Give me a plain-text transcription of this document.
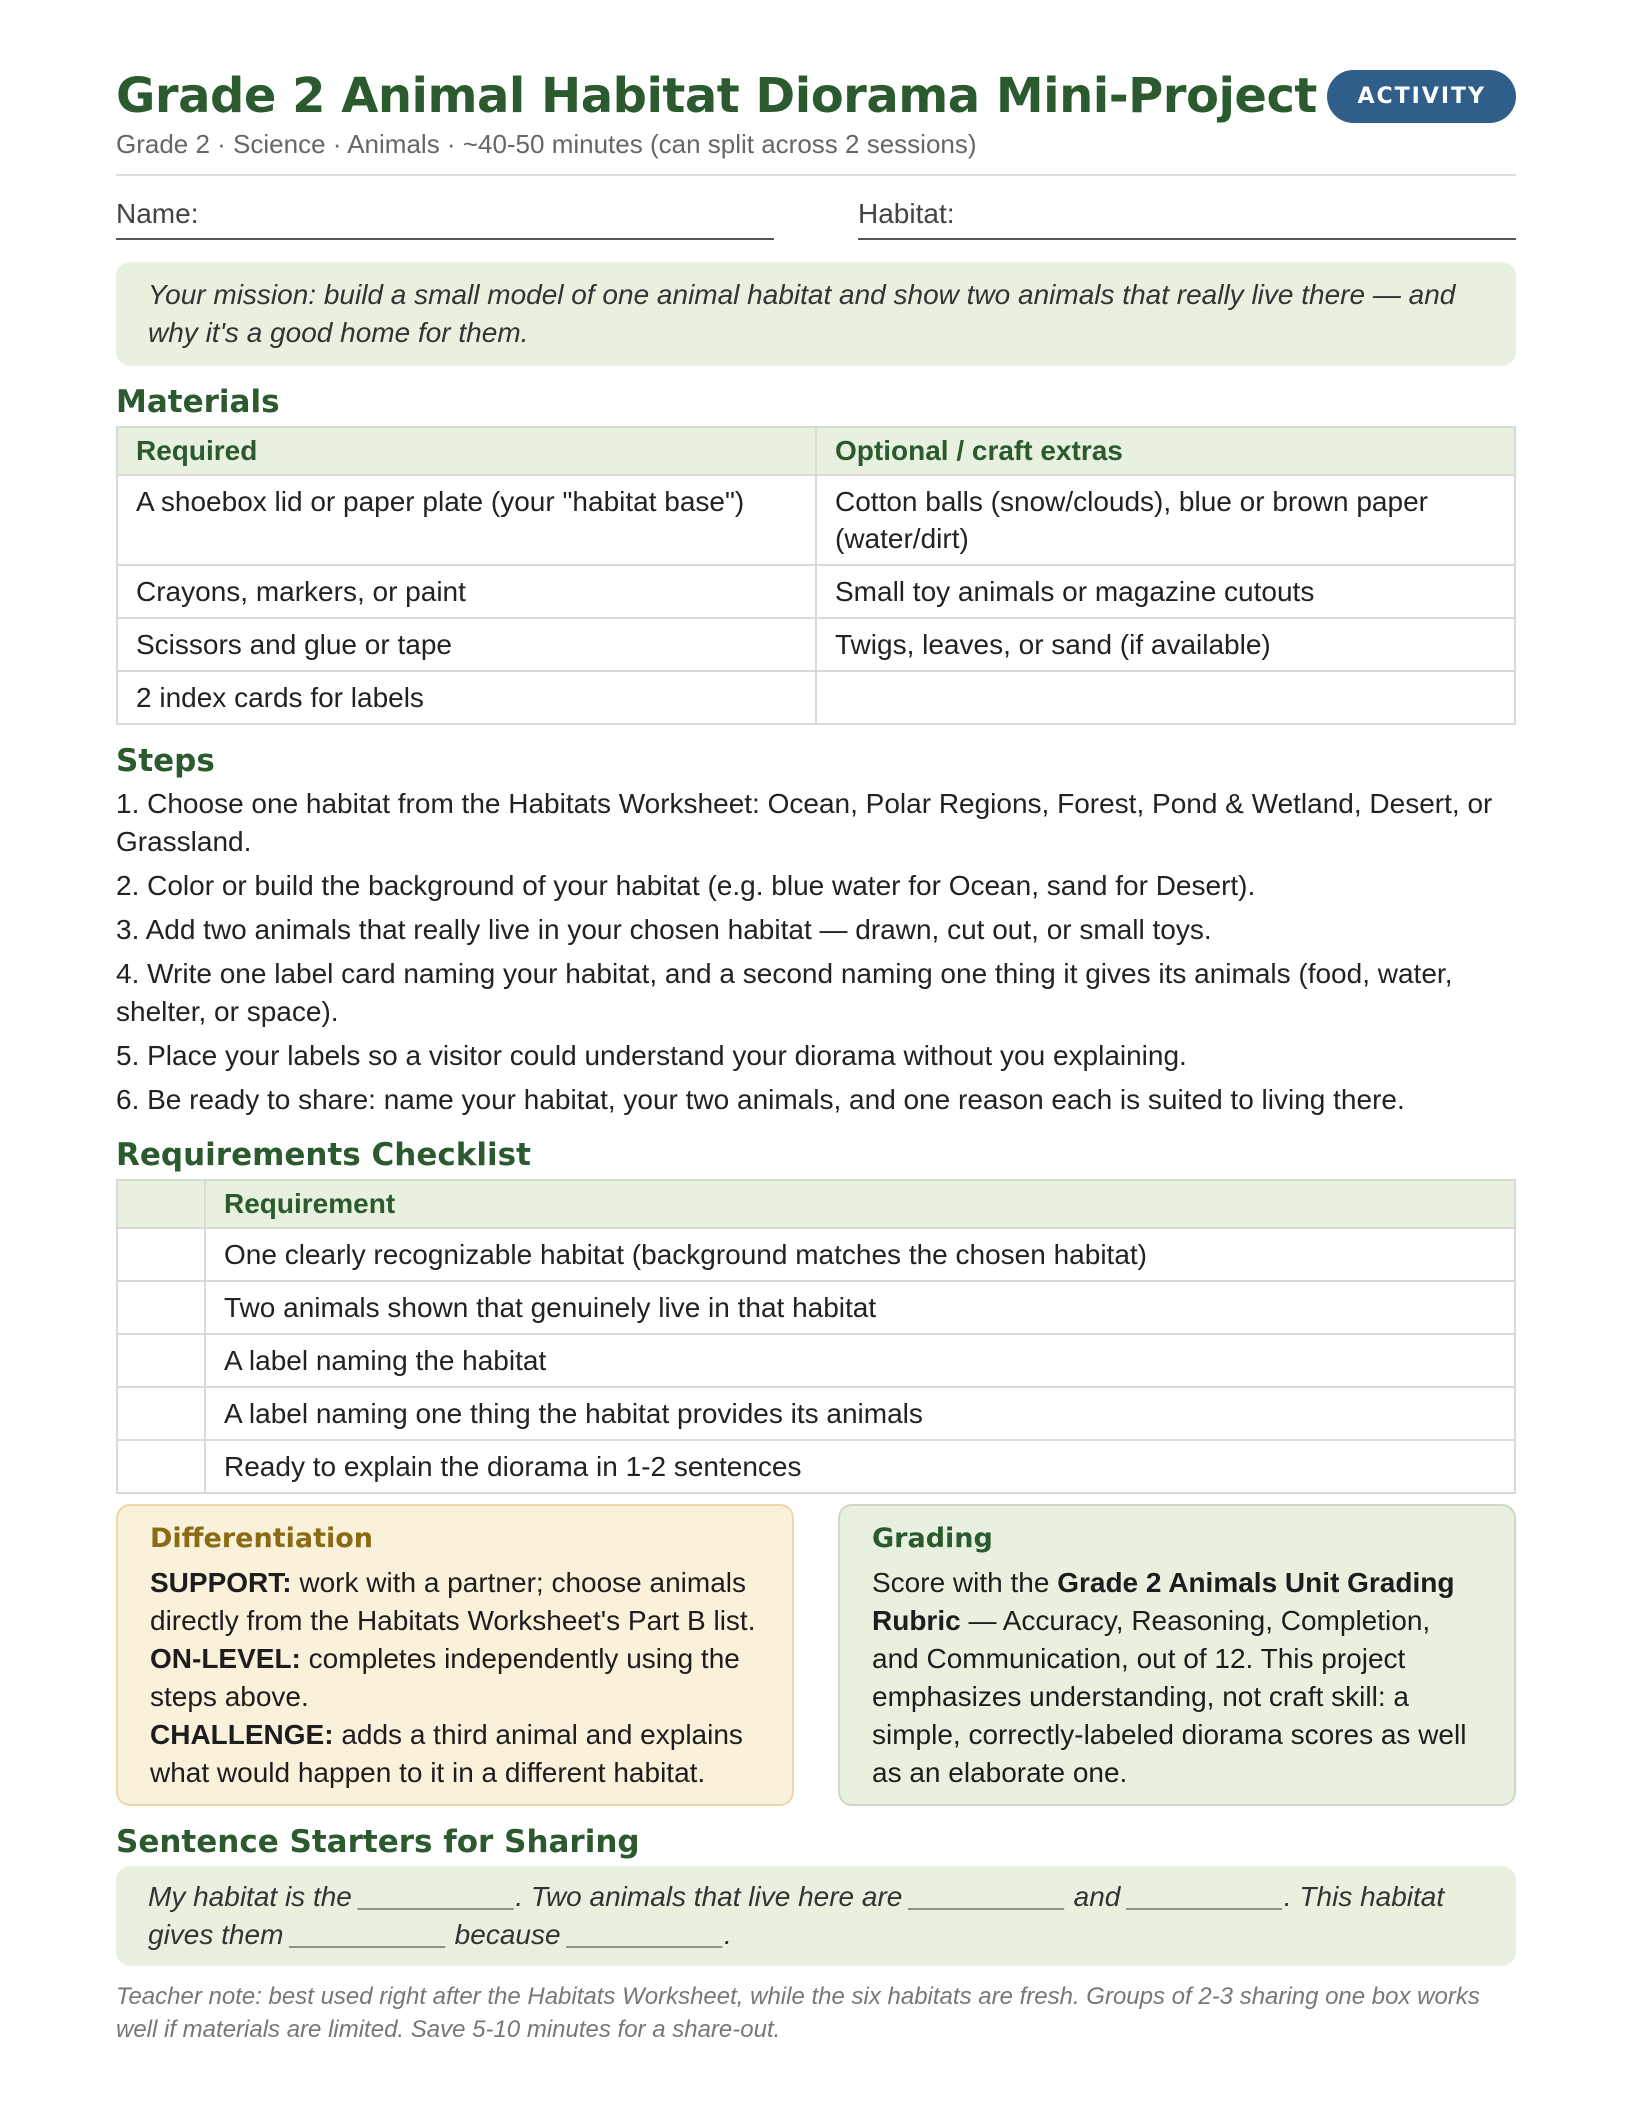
Grade 2 Animal Habitat Diorama Mini-Project	ACTIVITY
Grade 2 · Science · Animals · ~40-50 minutes (can split across 2 sessions)
Name:	Habitat:
Your mission: build a small model of one animal habitat and show two animals that really live there — and why it's a good home for them.
Materials
Required	Optional / craft extras
A shoebox lid or paper plate (your "habitat base")	Cotton balls (snow/clouds), blue or brown paper (water/dirt)
Crayons, markers, or paint	Small toy animals or magazine cutouts
Scissors and glue or tape	Twigs, leaves, or sand (if available)
2 index cards for labels	
Steps
1. Choose one habitat from the Habitats Worksheet: Ocean, Polar Regions, Forest, Pond & Wetland, Desert, or Grassland.
2. Color or build the background of your habitat (e.g. blue water for Ocean, sand for Desert).
3. Add two animals that really live in your chosen habitat — drawn, cut out, or small toys.
4. Write one label card naming your habitat, and a second naming one thing it gives its animals (food, water, shelter, or space).
5. Place your labels so a visitor could understand your diorama without you explaining.
6. Be ready to share: name your habitat, your two animals, and one reason each is suited to living there.
Requirements Checklist
	Requirement
	One clearly recognizable habitat (background matches the chosen habitat)
	Two animals shown that genuinely live in that habitat
	A label naming the habitat
	A label naming one thing the habitat provides its animals
	Ready to explain the diorama in 1-2 sentences
Differentiation
SUPPORT: work with a partner; choose animals directly from the Habitats Worksheet's Part B list.
ON-LEVEL: completes independently using the steps above.
CHALLENGE: adds a third animal and explains what would happen to it in a different habitat.
Grading
Score with the Grade 2 Animals Unit Grading Rubric — Accuracy, Reasoning, Completion, and Communication, out of 12. This project emphasizes understanding, not craft skill: a simple, correctly-labeled diorama scores as well as an elaborate one.
Sentence Starters for Sharing
My habitat is the __________. Two animals that live here are __________ and __________. This habitat gives them __________ because __________.
Teacher note: best used right after the Habitats Worksheet, while the six habitats are fresh. Groups of 2-3 sharing one box works well if materials are limited. Save 5-10 minutes for a share-out.
